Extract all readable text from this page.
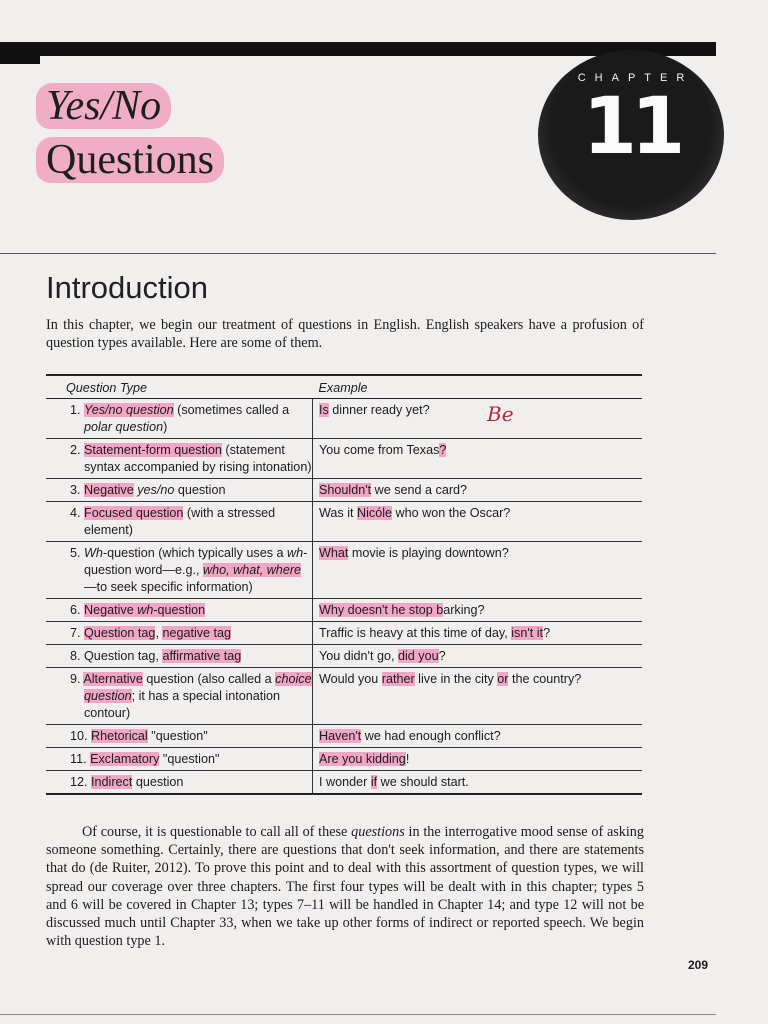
CHAPTER
11
Yes/No
Questions
Introduction
In this chapter, we begin our treatment of questions in English. English speakers have a profusion of question types available. Here are some of them.
Question Type	Example

1. Yes/no question (sometimes called a polar question)	Is dinner ready yet?

2. Statement-form question (statement syntax accompanied by rising intonation)	You come from Texas?

3. Negative yes/no question	Shouldn't we send a card?

4. Focused question (with a stressed element)	Was it Nicóle who won the Oscar?

5. Wh-question (which typically uses a wh-question word—e.g., who, what, where—to seek specific information)	What movie is playing downtown?

6. Negative wh-question	Why doesn't he stop barking?

7. Question tag, negative tag	Traffic is heavy at this time of day, isn't it?

8. Question tag, affirmative tag	You didn't go, did you?

9. Alternative question (also called a choice question; it has a special intonation contour)	Would you rather live in the city or the country?

10. Rhetorical "question"	Haven't we had enough conflict?

11. Exclamatory "question"	Are you kidding!

12. Indirect question	I wonder if we should start.
Be
Of course, it is questionable to call all of these questions in the interrogative mood sense of asking someone something. Certainly, there are questions that don't seek information, and there are statements that do (de Ruiter, 2012). To prove this point and to deal with this assortment of question types, we will spread our coverage over three chapters. The first four types will be dealt with in this chapter; types 5 and 6 will be covered in Chapter 13; types 7–11 will be handled in Chapter 14; and type 12 will not be discussed much until Chapter 33, when we take up other forms of indirect or reported speech. We begin with question type 1.
209
